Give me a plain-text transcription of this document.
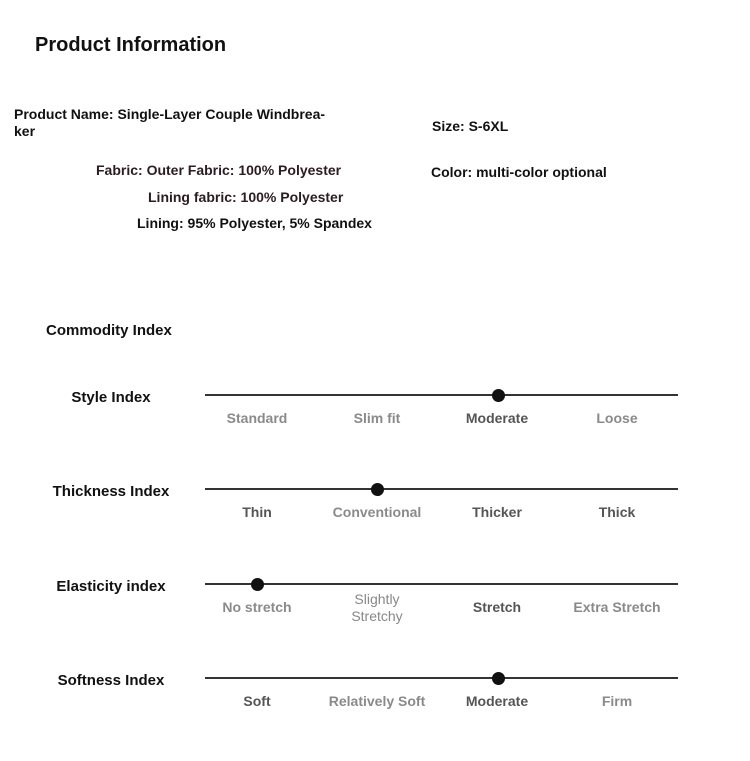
Product Information
Product Name: Single-Layer Couple Windbrea-ker
Fabric: Outer Fabric: 100% Polyester
Lining fabric: 100% Polyester
Lining: 95% Polyester, 5% Spandex
Size: S-6XL
Color: multi-color optional
Commodity Index
Style Index
Standard	Slim fit	Moderate	Loose
Thickness Index
Thin	Conventional	Thicker	Thick
Elasticity index
No stretch	Slightly Stretchy
Stretch	Extra Stretch
Softness Index
Soft	Relatively Soft	Moderate	Firm
